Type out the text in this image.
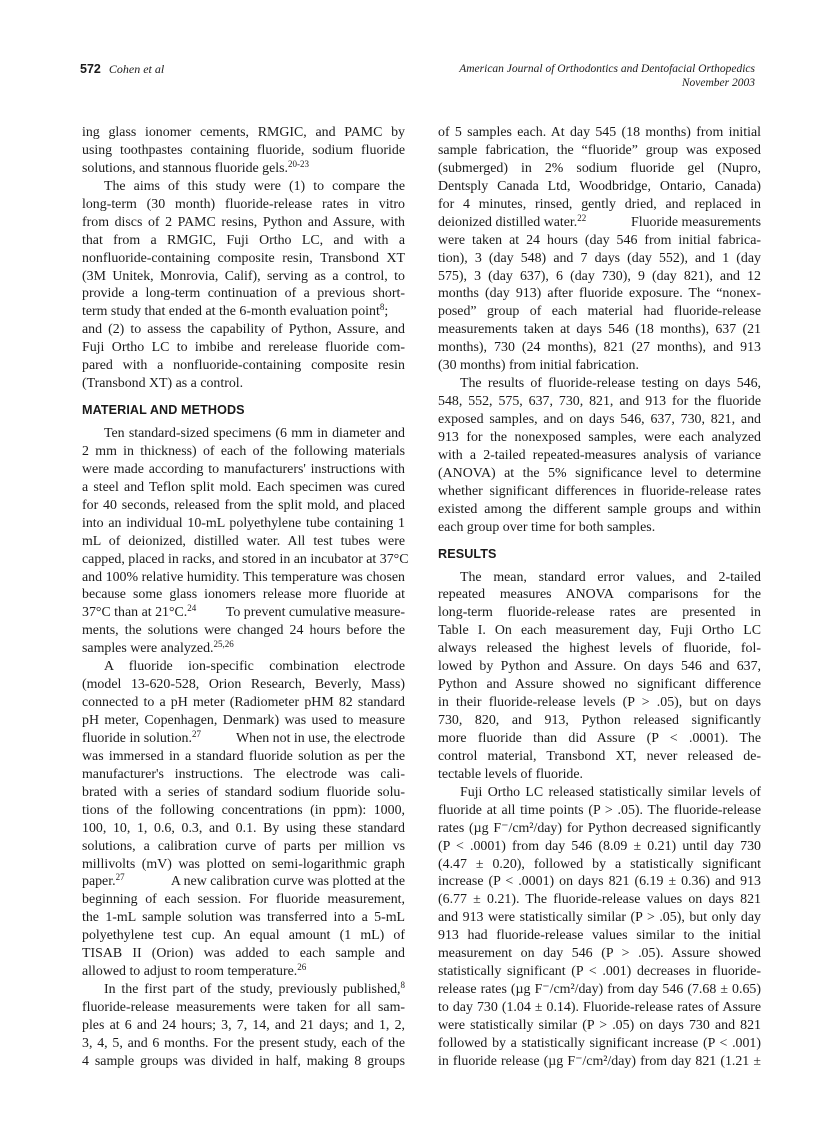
572 Cohen et al	American Journal of Orthodontics and Dentofacial Orthopedics
November 2003
ing glass ionomer cements, RMGIC, and PAMC by
using toothpastes containing fluoride, sodium fluoride
solutions, and stannous fluoride gels.$^{20-23}$
The aims of this study were (1) to compare the
long-term (30 month) fluoride-release rates in vitro
from discs of 2 PAMC resins, Python and Assure, with
that from a RMGIC, Fuji Ortho LC, and with a
nonfluoride-containing composite resin, Transbond XT
(3M Unitek, Monrovia, Calif), serving as a control, to
provide a long-term continuation of a previous short-
term study that ended at the 6-month evaluation point$^8$;
and (2) to assess the capability of Python, Assure, and
Fuji Ortho LC to imbibe and rerelease fluoride com-
pared with a nonfluoride-containing composite resin
(Transbond XT) as a control.
MATERIAL AND METHODS
Ten standard-sized specimens (6 mm in diameter and
2 mm in thickness) of each of the following materials
were made according to manufacturers' instructions with
a steel and Teflon split mold. Each specimen was cured
for 40 seconds, released from the split mold, and placed
into an individual 10-mL polyethylene tube containing 1
mL of deionized, distilled water. All test tubes were
capped, placed in racks, and stored in an incubator at 37°C
and 100% relative humidity. This temperature was chosen
because some glass ionomers release more fluoride at
37°C than at 21°C.$^{24}$ To prevent cumulative measure-
ments, the solutions were changed 24 hours before the
samples were analyzed.$^{25,26}$
A fluoride ion-specific combination electrode
(model 13-620-528, Orion Research, Beverly, Mass)
connected to a pH meter (Radiometer pHM 82 standard
pH meter, Copenhagen, Denmark) was used to measure
fluoride in solution.$^{27}$	When not in use, the electrode
was immersed in a standard fluoride solution as per the
manufacturer's instructions. The electrode was cali-
brated with a series of standard sodium fluoride solu-
tions of the following concentrations (in ppm): 1000,
100, 10, 1, 0.6, 0.3, and 0.1. By using these standard
solutions, a calibration curve of parts per million vs
millivolts (mV) was plotted on semi-logarithmic graph
paper.$^{27}$	A new calibration curve was plotted at the
beginning of each session. For fluoride measurement,
the 1-mL sample solution was transferred into a 5-mL
polyethylene test cup. An equal amount (1 mL) of
TISAB II (Orion) was added to each sample and
allowed to adjust to room temperature.$^{26}$
In the first part of the study, previously published,$^8$
fluoride-release measurements were taken for all sam-
ples at 6 and 24 hours; 3, 7, 14, and 21 days; and 1, 2,
3, 4, 5, and 6 months. For the present study, each of the
4 sample groups was divided in half, making 8 groups
of 5 samples each. At day 545 (18 months) from initial
sample fabrication, the “fluoride” group was exposed
(submerged) in 2% sodium fluoride gel (Nupro,
Dentsply Canada Ltd, Woodbridge, Ontario, Canada)
for 4 minutes, rinsed, gently dried, and replaced in
deionized distilled water.$^{22}$	Fluoride measurements
were taken at 24 hours (day 546 from initial fabrica-
tion), 3 (day 548) and 7 days (day 552), and 1 (day
575), 3 (day 637), 6 (day 730), 9 (day 821), and 12
months (day 913) after fluoride exposure. The “nonex-
posed” group of each material had fluoride-release
measurements taken at days 546 (18 months), 637 (21
months), 730 (24 months), 821 (27 months), and 913
(30 months) from initial fabrication.
The results of fluoride-release testing on days 546,
548, 552, 575, 637, 730, 821, and 913 for the fluoride
exposed samples, and on days 546, 637, 730, 821, and
913 for the nonexposed samples, were each analyzed
with a 2-tailed repeated-measures analysis of variance
(ANOVA) at the 5% significance level to determine
whether significant differences in fluoride-release rates
existed among the different sample groups and within
each group over time for both samples.
RESULTS
The mean, standard error values, and 2-tailed
repeated measures ANOVA comparisons for the
long-term fluoride-release rates are presented in
Table I. On each measurement day, Fuji Ortho LC
always released the highest levels of fluoride, fol-
lowed by Python and Assure. On days 546 and 637,
Python and Assure showed no significant difference
in their fluoride-release levels (P > .05), but on days
730, 820, and 913, Python released significantly
more fluoride than did Assure (P < .0001). The
control material, Transbond XT, never released de-
tectable levels of fluoride.
Fuji Ortho LC released statistically similar levels of
fluoride at all time points (P > .05). The fluoride-release
rates (µg F⁻/cm²/day) for Python decreased significantly
(P < .0001) from day 546 (8.09 ± 0.21) until day 730
(4.47 ± 0.20), followed by a statistically significant
increase (P < .0001) on days 821 (6.19 ± 0.36) and 913
(6.77 ± 0.21). The fluoride-release values on days 821
and 913 were statistically similar (P > .05), but only day
913 had fluoride-release values similar to the initial
measurement on day 546 (P > .05). Assure showed
statistically significant (P < .001) decreases in fluoride-
release rates (µg F⁻/cm²/day) from day 546 (7.68 ± 0.65)
to day 730 (1.04 ± 0.14). Fluoride-release rates of Assure
were statistically similar (P > .05) on days 730 and 821
followed by a statistically significant increase (P < .001)
in fluoride release (µg F⁻/cm²/day) from day 821 (1.21 ±
